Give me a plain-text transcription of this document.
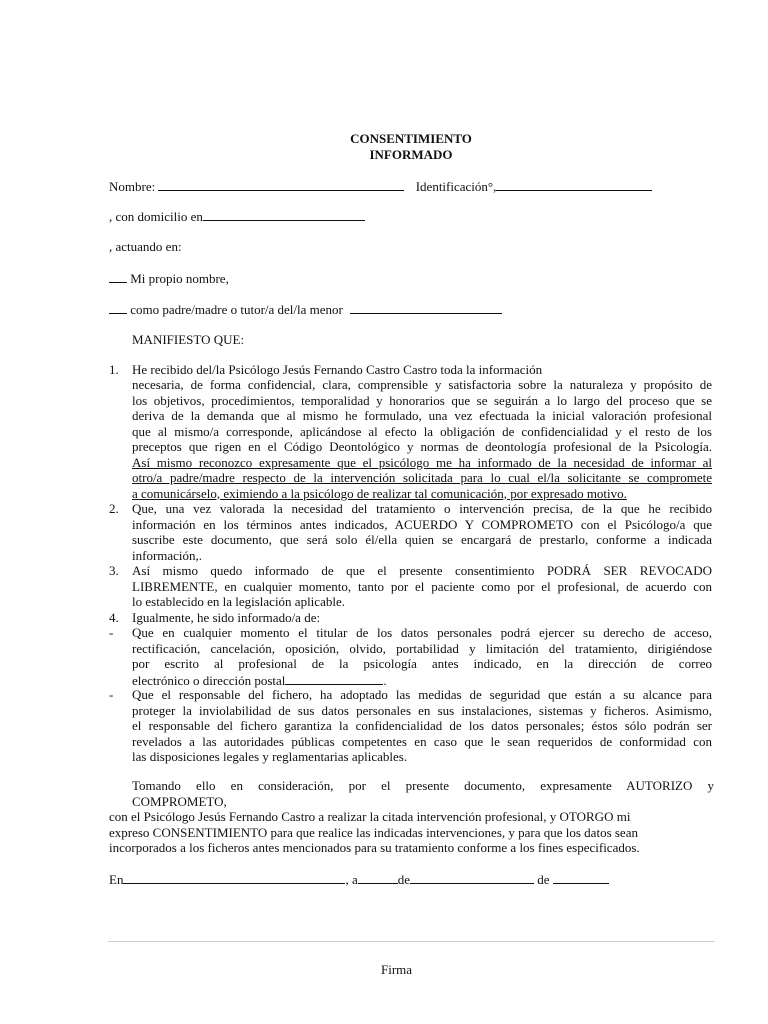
CONSENTIMIENTO
INFORMADO
Nombre:	Identificación°,
, con domicilio en
, actuando en:
Mi propio nombre,
como padre/madre o tutor/a del/la menor
MANIFIESTO QUE:
1. He recibido del/la Psicólogo Jesús Fernando Castro Castro toda la información
necesaria, de forma confidencial, clara, comprensible y satisfactoria sobre la naturaleza y propósito de
los objetivos, procedimientos, temporalidad y honorarios que se seguirán a lo largo del proceso que se
deriva de la demanda que al mismo he formulado, una vez efectuada la inicial valoración profesional
que al mismo/a corresponde, aplicándose al efecto la obligación de confidencialidad y el resto de los
preceptos que rigen en el Código Deontológico y normas de deontología profesional de la Psicología.
Así mismo reconozco expresamente que el psicólogo me ha informado de la necesidad de informar al
otro/a padre/madre respecto de la intervención solicitada para lo cual el/la solicitante se compromete
a comunicárselo, eximiendo a la psicólogo de realizar tal comunicación, por expresado motivo.
2. Que, una vez valorada la necesidad del tratamiento o intervención precisa, de la que he recibido
información en los términos antes indicados, ACUERDO Y COMPROMETO con el Psicólogo/a que
suscribe este documento, que será solo él/ella quien se encargará de prestarlo, conforme a indicada
información,.
3. Así mismo quedo informado de que el presente consentimiento PODRÁ SER REVOCADO
LIBREMENTE, en cualquier momento, tanto por el paciente como por el profesional, de acuerdo con
lo establecido en la legislación aplicable.
4. Igualmente, he sido informado/a de:
- Que en cualquier momento el titular de los datos personales podrá ejercer su derecho de acceso,
rectificación, cancelación, oposición, olvido, portabilidad y limitación del tratamiento, dirigiéndose
por escrito al profesional de la psicología antes indicado, en la dirección de correo
electrónico o dirección postal	.
- Que el responsable del fichero, ha adoptado las medidas de seguridad que están a su alcance para
proteger la inviolabilidad de sus datos personales en sus instalaciones, sistemas y ficheros. Asimismo,
el responsable del fichero garantiza la confidencialidad de los datos personales; éstos sólo podrán ser
revelados a las autoridades públicas competentes en caso que le sean requeridos de conformidad con
las disposiciones legales y reglamentarias aplicables.
Tomando ello en consideración, por el presente documento, expresamente AUTORIZO y
COMPROMETO,
con el Psicólogo Jesús Fernando Castro a realizar la citada intervención profesional, y OTORGO mi
expreso CONSENTIMIENTO para que realice las indicadas intervenciones, y para que los datos sean
incorporados a los ficheros antes mencionados para su tratamiento conforme a los fines especificados.
En	, a	de	de
Firma
